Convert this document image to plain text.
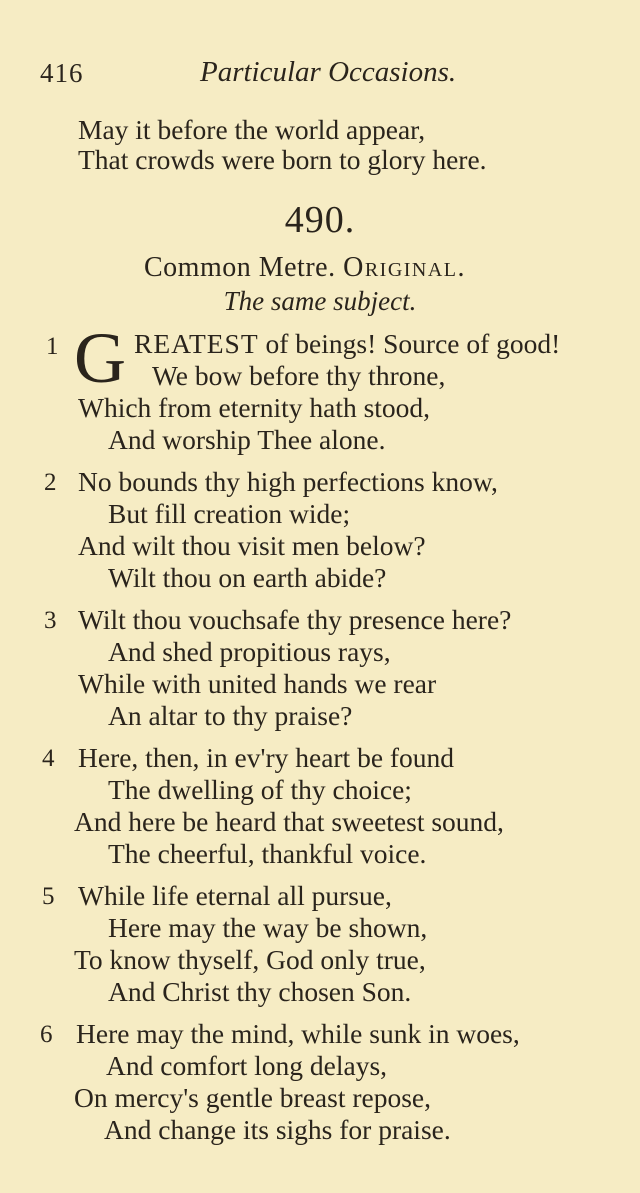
416	Particular Occasions.
May it before the world appear,
That crowds were born to glory here.
490.
Common Metre. Original.
The same subject.
1 G REATEST of beings! Source of good!
We bow before thy throne,
Which from eternity hath stood,
And worship Thee alone.
2 No bounds thy high perfections know,
But fill creation wide;
And wilt thou visit men below?
Wilt thou on earth abide?
3 Wilt thou vouchsafe thy presence here?
And shed propitious rays,
While with united hands we rear
An altar to thy praise?
4 Here, then, in ev'ry heart be found
The dwelling of thy choice;
And here be heard that sweetest sound,
The cheerful, thankful voice.
5 While life eternal all pursue,
Here may the way be shown,
To know thyself, God only true,
And Christ thy chosen Son.
6 Here may the mind, while sunk in woes,
And comfort long delays,
On mercy's gentle breast repose,
And change its sighs for praise.
